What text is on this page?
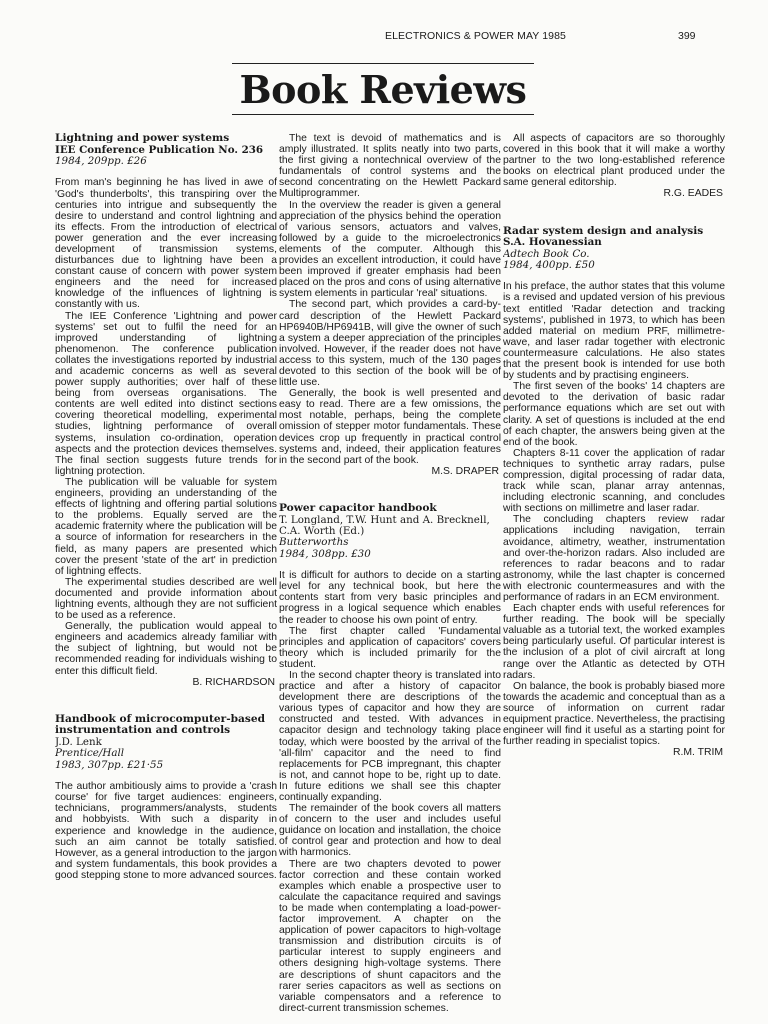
ELECTRONICS & POWER MAY 1985	399
Book Reviews

Lightning and power systems

IEE Conference Publication No. 236

1984, 209pp. £26

From man's beginning he has lived in awe of 'God's thunderbolts', this transpiring over the centuries into intrigue and subsequently the desire to understand and control lightning and its effects. From the introduction of electrical power generation and the ever increasing development of transmission systems, disturbances due to lightning have been a constant cause of concern with power system engineers and the need for increased knowledge of the influences of lightning is constantly with us.

The IEE Conference 'Lightning and power systems' set out to fulfil the need for an improved understanding of lightning phenomenon. The conference publication collates the investigations reported by industrial and academic concerns as well as several power supply authorities; over half of these being from overseas organisations. The contents are well edited into distinct sections covering theoretical modelling, experimental studies, lightning performance of overall systems, insulation co-ordination, operation aspects and the protection devices themselves. The final section suggests future trends for lightning protection.

The publication will be valuable for system engineers, providing an understanding of the effects of lightning and offering partial solutions to the problems. Equally served are the academic fraternity where the publication will be a source of information for researchers in the field, as many papers are presented which cover the present 'state of the art' in prediction of lightning effects.

The experimental studies described are well documented and provide information about lightning events, although they are not sufficient to be used as a reference.

Generally, the publication would appeal to engineers and academics already familiar with the subject of lightning, but would not be recommended reading for individuals wishing to enter this difficult field.

B. RICHARDSON

Handbook of microcomputer-based instrumentation and controls

J.D. Lenk

Prentice/Hall

1983, 307pp. £21·55

The author ambitiously aims to provide a 'crash course' for five target audiences: engineers, technicians, programmers/analysts, students and hobbyists. With such a disparity in experience and knowledge in the audience, such an aim cannot be totally satisfied. However, as a general introduction to the jargon and system fundamentals, this book provides a good stepping stone to more advanced sources.

The text is devoid of mathematics and is amply illustrated. It splits neatly into two parts, the first giving a nontechnical overview of the fundamentals of control systems and the second concentrating on the Hewlett Packard Multiprogrammer.

In the overview the reader is given a general appreciation of the physics behind the operation of various sensors, actuators and valves, followed by a guide to the microelectronics elements of the computer. Although this provides an excellent introduction, it could have been improved if greater emphasis had been placed on the pros and cons of using alternative system elements in particular 'real' situations.

The second part, which provides a card-by-card description of the Hewlett Packard HP6940B/HP6941B, will give the owner of such a system a deeper appreciation of the principles involved. However, if the reader does not have access to this system, much of the 130 pages devoted to this section of the book will be of little use.

Generally, the book is well presented and easy to read. There are a few omissions, the most notable, perhaps, being the complete omission of stepper motor fundamentals. These devices crop up frequently in practical control systems and, indeed, their application features in the second part of the book.

M.S. DRAPER

Power capacitor handbook

T. Longland, T.W. Hunt and A. Brecknell, C.A. Worth (Ed.)

Butterworths

1984, 308pp. £30

It is difficult for authors to decide on a starting level for any technical book, but here the contents start from very basic principles and progress in a logical sequence which enables the reader to choose his own point of entry.

The first chapter called 'Fundamental principles and application of capacitors' covers theory which is included primarily for the student.

In the second chapter theory is translated into practice and after a history of capacitor development there are descriptions of the various types of capacitor and how they are constructed and tested. With advances in capacitor design and technology taking place today, which were boosted by the arrival of the 'all-film' capacitor and the need to find replacements for PCB impregnant, this chapter is not, and cannot hope to be, right up to date. In future editions we shall see this chapter continually expanding.

The remainder of the book covers all matters of concern to the user and includes useful guidance on location and installation, the choice of control gear and protection and how to deal with harmonics.

There are two chapters devoted to power factor correction and these contain worked examples which enable a prospective user to calculate the capacitance required and savings to be made when contemplating a load-power-factor improvement. A chapter on the application of power capacitors to high-voltage transmission and distribution circuits is of particular interest to supply engineers and others designing high-voltage systems. There are descriptions of shunt capacitors and the rarer series capacitors as well as sections on variable compensators and a reference to direct-current transmission schemes.

All aspects of capacitors are so thoroughly covered in this book that it will make a worthy partner to the two long-established reference books on electrical plant produced under the same general editorship.

R.G. EADES

Radar system design and analysis

S.A. Hovanessian

Adtech Book Co.

1984, 400pp. £50

In his preface, the author states that this volume is a revised and updated version of his previous text entitled 'Radar detection and tracking systems', published in 1973, to which has been added material on medium PRF, millimetre-wave, and laser radar together with electronic countermeasure calculations. He also states that the present book is intended for use both by students and by practising engineers.

The first seven of the books' 14 chapters are devoted to the derivation of basic radar performance equations which are set out with clarity. A set of questions is included at the end of each chapter, the answers being given at the end of the book.

Chapters 8-11 cover the application of radar techniques to synthetic array radars, pulse compression, digital processing of radar data, track while scan, planar array antennas, including electronic scanning, and concludes with sections on millimetre and laser radar.

The concluding chapters review radar applications including navigation, terrain avoidance, altimetry, weather, instrumentation and over-the-horizon radars. Also included are references to radar beacons and to radar astronomy, while the last chapter is concerned with electronic countermeasures and with the performance of radars in an ECM environment.

Each chapter ends with useful references for further reading. The book will be specially valuable as a tutorial text, the worked examples being particularly useful. Of particular interest is the inclusion of a plot of civil aircraft at long range over the Atlantic as detected by OTH radars.

On balance, the book is probably biased more towards the academic and conceptual than as a source of information on current radar equipment practice. Nevertheless, the practising engineer will find it useful as a starting point for further reading in specialist topics.

R.M. TRIM
